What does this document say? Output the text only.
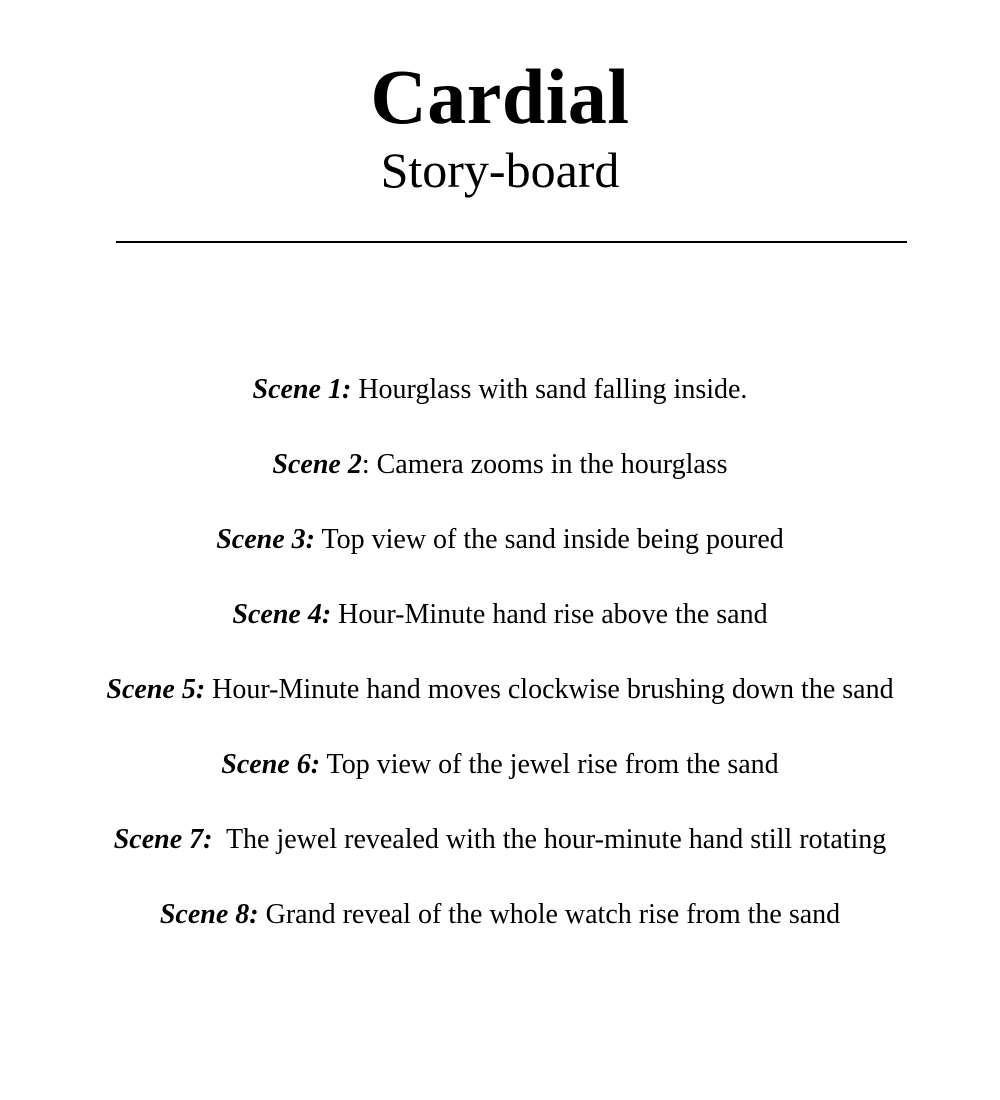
Cardial
Story-board
Scene 1: Hourglass with sand falling inside.
Scene 2: Camera zooms in the hourglass
Scene 3: Top view of the sand inside being poured
Scene 4: Hour-Minute hand rise above the sand
Scene 5: Hour-Minute hand moves clockwise brushing down the sand
Scene 6: Top view of the jewel rise from the sand
Scene 7:  The jewel revealed with the hour-minute hand still rotating
Scene 8: Grand reveal of the whole watch rise from the sand
